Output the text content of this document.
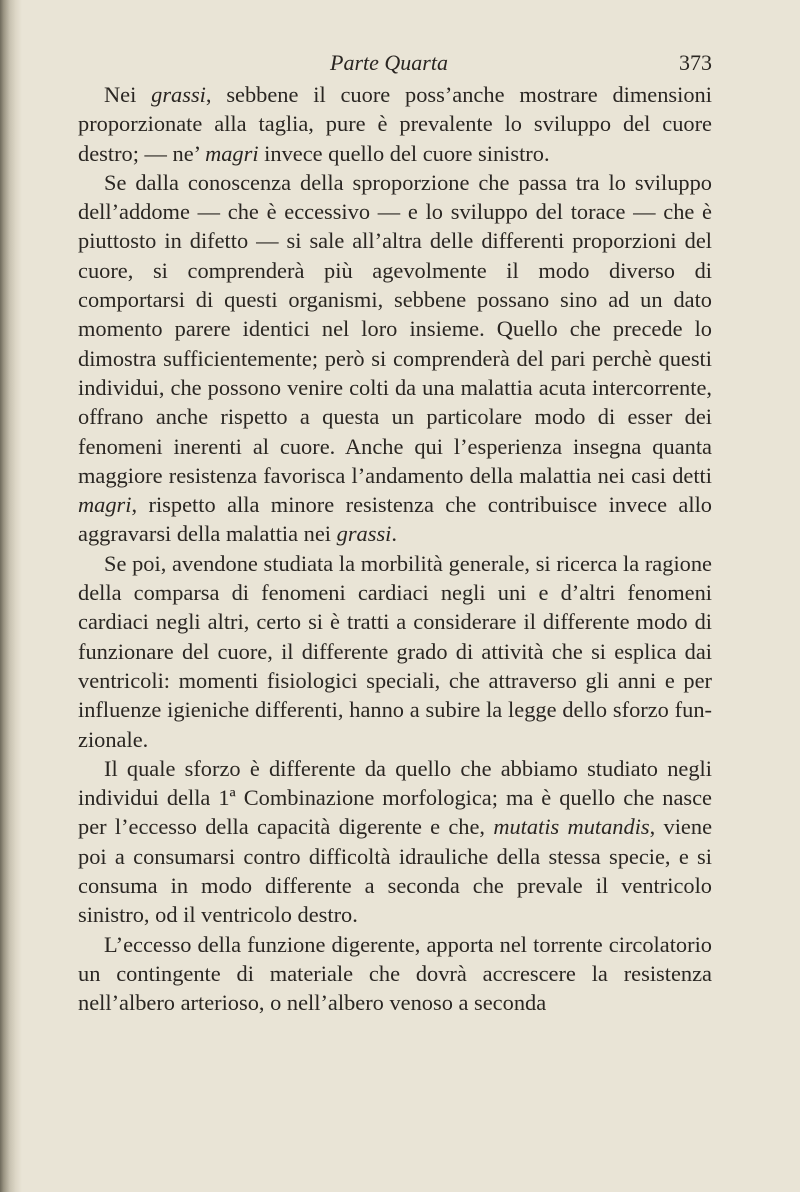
Parte Quarta	373

Nei grassi, sebbene il cuore poss’anche mostrare dimensioni proporzionate alla taglia, pure è prevalente lo sviluppo del cuore destro; — ne’ magri invece quello del cuore sinistro.

Se dalla conoscenza della sproporzione che passa tra lo sviluppo dell’addome — che è eccessivo — e lo sviluppo del torace — che è piuttosto in difetto — si sale all’altra delle differenti proporzioni del cuore, si comprenderà più agevolmente il modo diverso di comportarsi di questi organismi, sebbene possano sino ad un dato momento parere identici nel loro insieme. Quello che precede lo dimostra sufficientemente; però si comprenderà del pari perchè questi individui, che possono venire colti da una malattia acuta intercorrente, offrano anche rispetto a questa un particolare modo di esser dei fenomeni inerenti al cuore. Anche qui l’esperienza insegna quanta maggiore resistenza favorisca l’andamento della malattia nei casi detti magri, rispetto alla minore resistenza che contribuisce invece allo aggravarsi della malattia nei grassi.

Se poi, avendone studiata la morbilità generale, si ricerca la ragione della comparsa di fenomeni cardiaci negli uni e d’altri fenomeni cardiaci negli altri, certo si è tratti a considerare il differente modo di funzionare del cuore, il differente grado di attività che si esplica dai ventricoli: momenti fisiologici speciali, che attraverso gli anni e per influenze igieniche differenti, hanno a subire la legge dello sforzo funzionale.

Il quale sforzo è differente da quello che abbiamo studiato negli individui della 1ª Combinazione morfologica; ma è quello che nasce per l’eccesso della capacità digerente e che, mutatis mutandis, viene poi a consumarsi contro difficoltà idrauliche della stessa specie, e si consuma in modo differente a seconda che prevale il ventricolo sinistro, od il ventricolo destro.

L’eccesso della funzione digerente, apporta nel torrente circolatorio un contingente di materiale che dovrà accrescere la resistenza nell’albero arterioso, o nell’albero venoso a seconda
